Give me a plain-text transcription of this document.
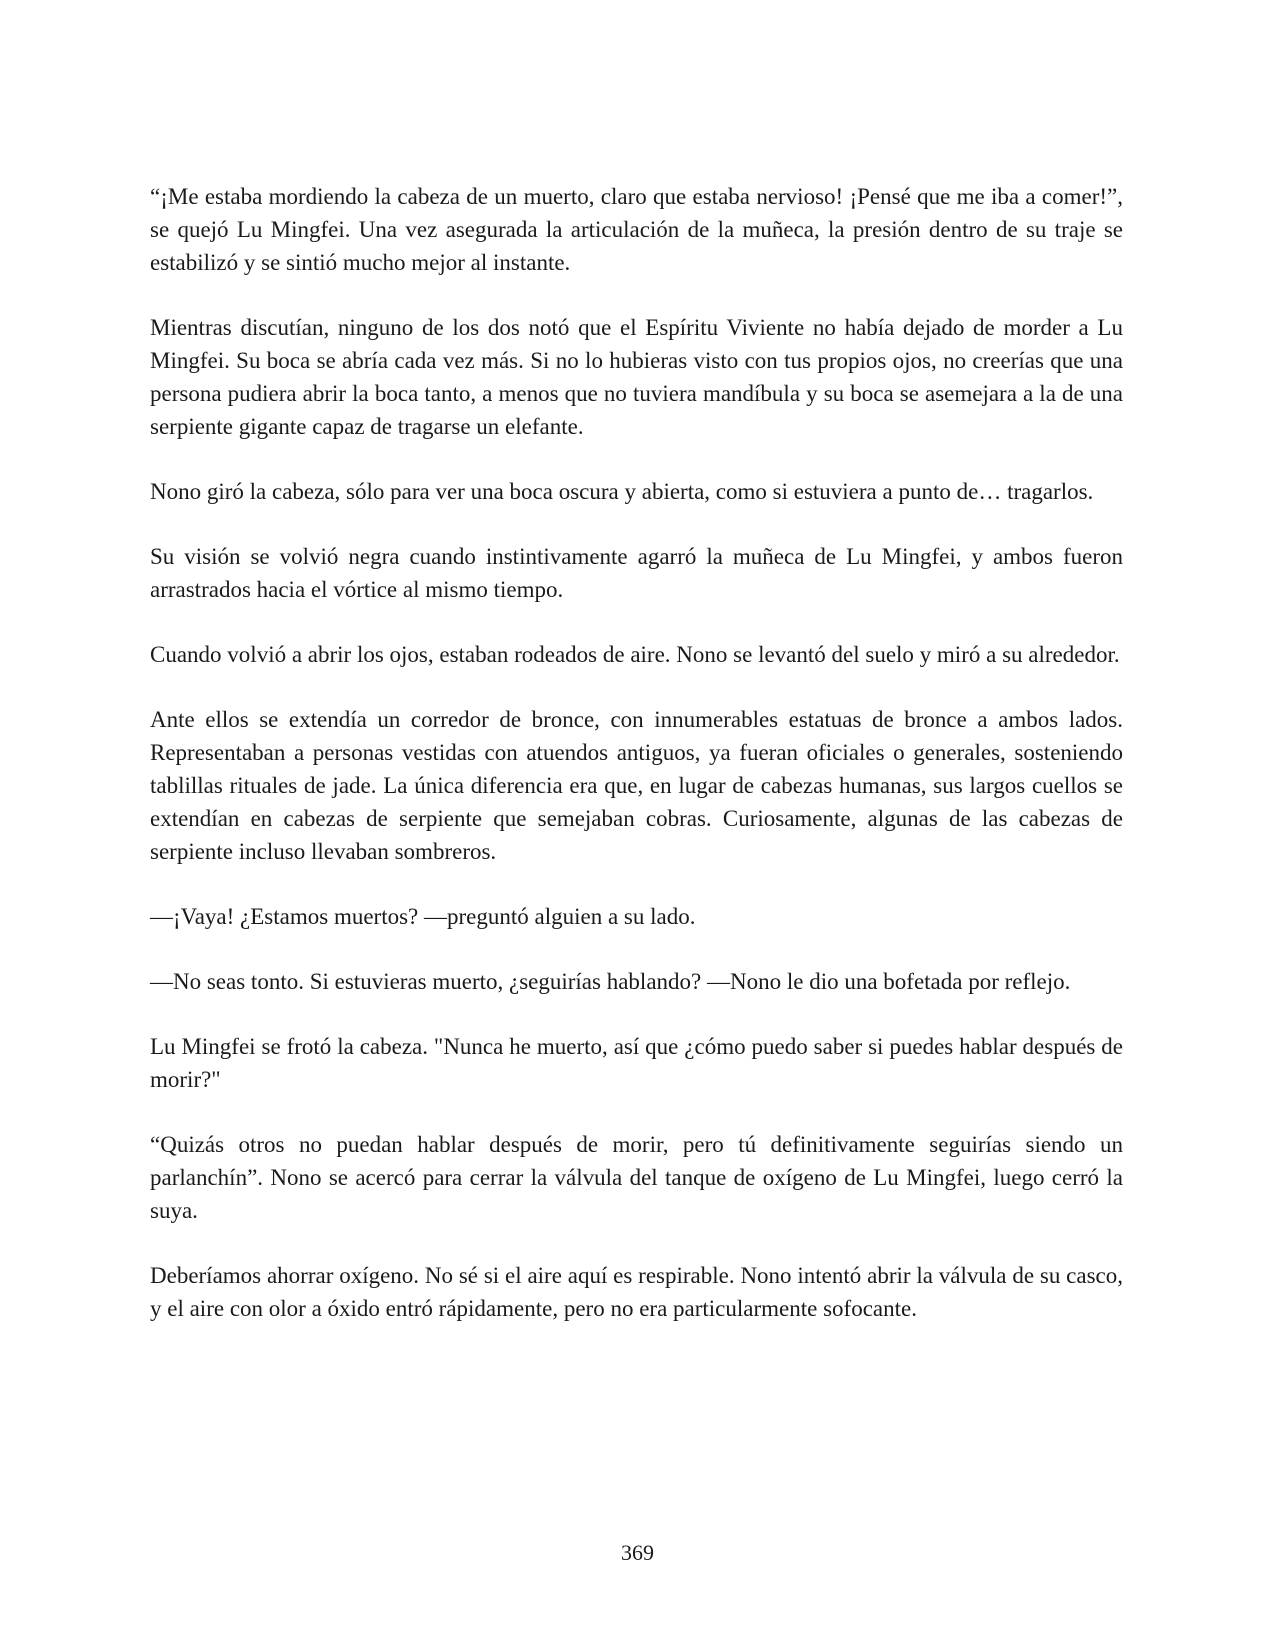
“¡Me estaba mordiendo la cabeza de un muerto, claro que estaba nervioso! ¡Pensé que me iba a comer!”, se quejó Lu Mingfei. Una vez asegurada la articulación de la muñeca, la presión dentro de su traje se estabilizó y se sintió mucho mejor al instante.

Mientras discutían, ninguno de los dos notó que el Espíritu Viviente no había dejado de morder a Lu Mingfei. Su boca se abría cada vez más. Si no lo hubieras visto con tus propios ojos, no creerías que una persona pudiera abrir la boca tanto, a menos que no tuviera mandíbula y su boca se asemejara a la de una serpiente gigante capaz de tragarse un elefante.

Nono giró la cabeza, sólo para ver una boca oscura y abierta, como si estuviera a punto de… tragarlos.

Su visión se volvió negra cuando instintivamente agarró la muñeca de Lu Mingfei, y ambos fueron arrastrados hacia el vórtice al mismo tiempo.

Cuando volvió a abrir los ojos, estaban rodeados de aire. Nono se levantó del suelo y miró a su alrededor.

Ante ellos se extendía un corredor de bronce, con innumerables estatuas de bronce a ambos lados. Representaban a personas vestidas con atuendos antiguos, ya fueran oficiales o generales, sosteniendo tablillas rituales de jade. La única diferencia era que, en lugar de cabezas humanas, sus largos cuellos se extendían en cabezas de serpiente que semejaban cobras. Curiosamente, algunas de las cabezas de serpiente incluso llevaban sombreros.

—¡Vaya! ¿Estamos muertos? —preguntó alguien a su lado.

—No seas tonto. Si estuvieras muerto, ¿seguirías hablando? —Nono le dio una bofetada por reflejo.

Lu Mingfei se frotó la cabeza. "Nunca he muerto, así que ¿cómo puedo saber si puedes hablar después de morir?"

“Quizás otros no puedan hablar después de morir, pero tú definitivamente seguirías siendo un parlanchín”. Nono se acercó para cerrar la válvula del tanque de oxígeno de Lu Mingfei, luego cerró la suya.

Deberíamos ahorrar oxígeno. No sé si el aire aquí es respirable. Nono intentó abrir la válvula de su casco, y el aire con olor a óxido entró rápidamente, pero no era particularmente sofocante.

369
